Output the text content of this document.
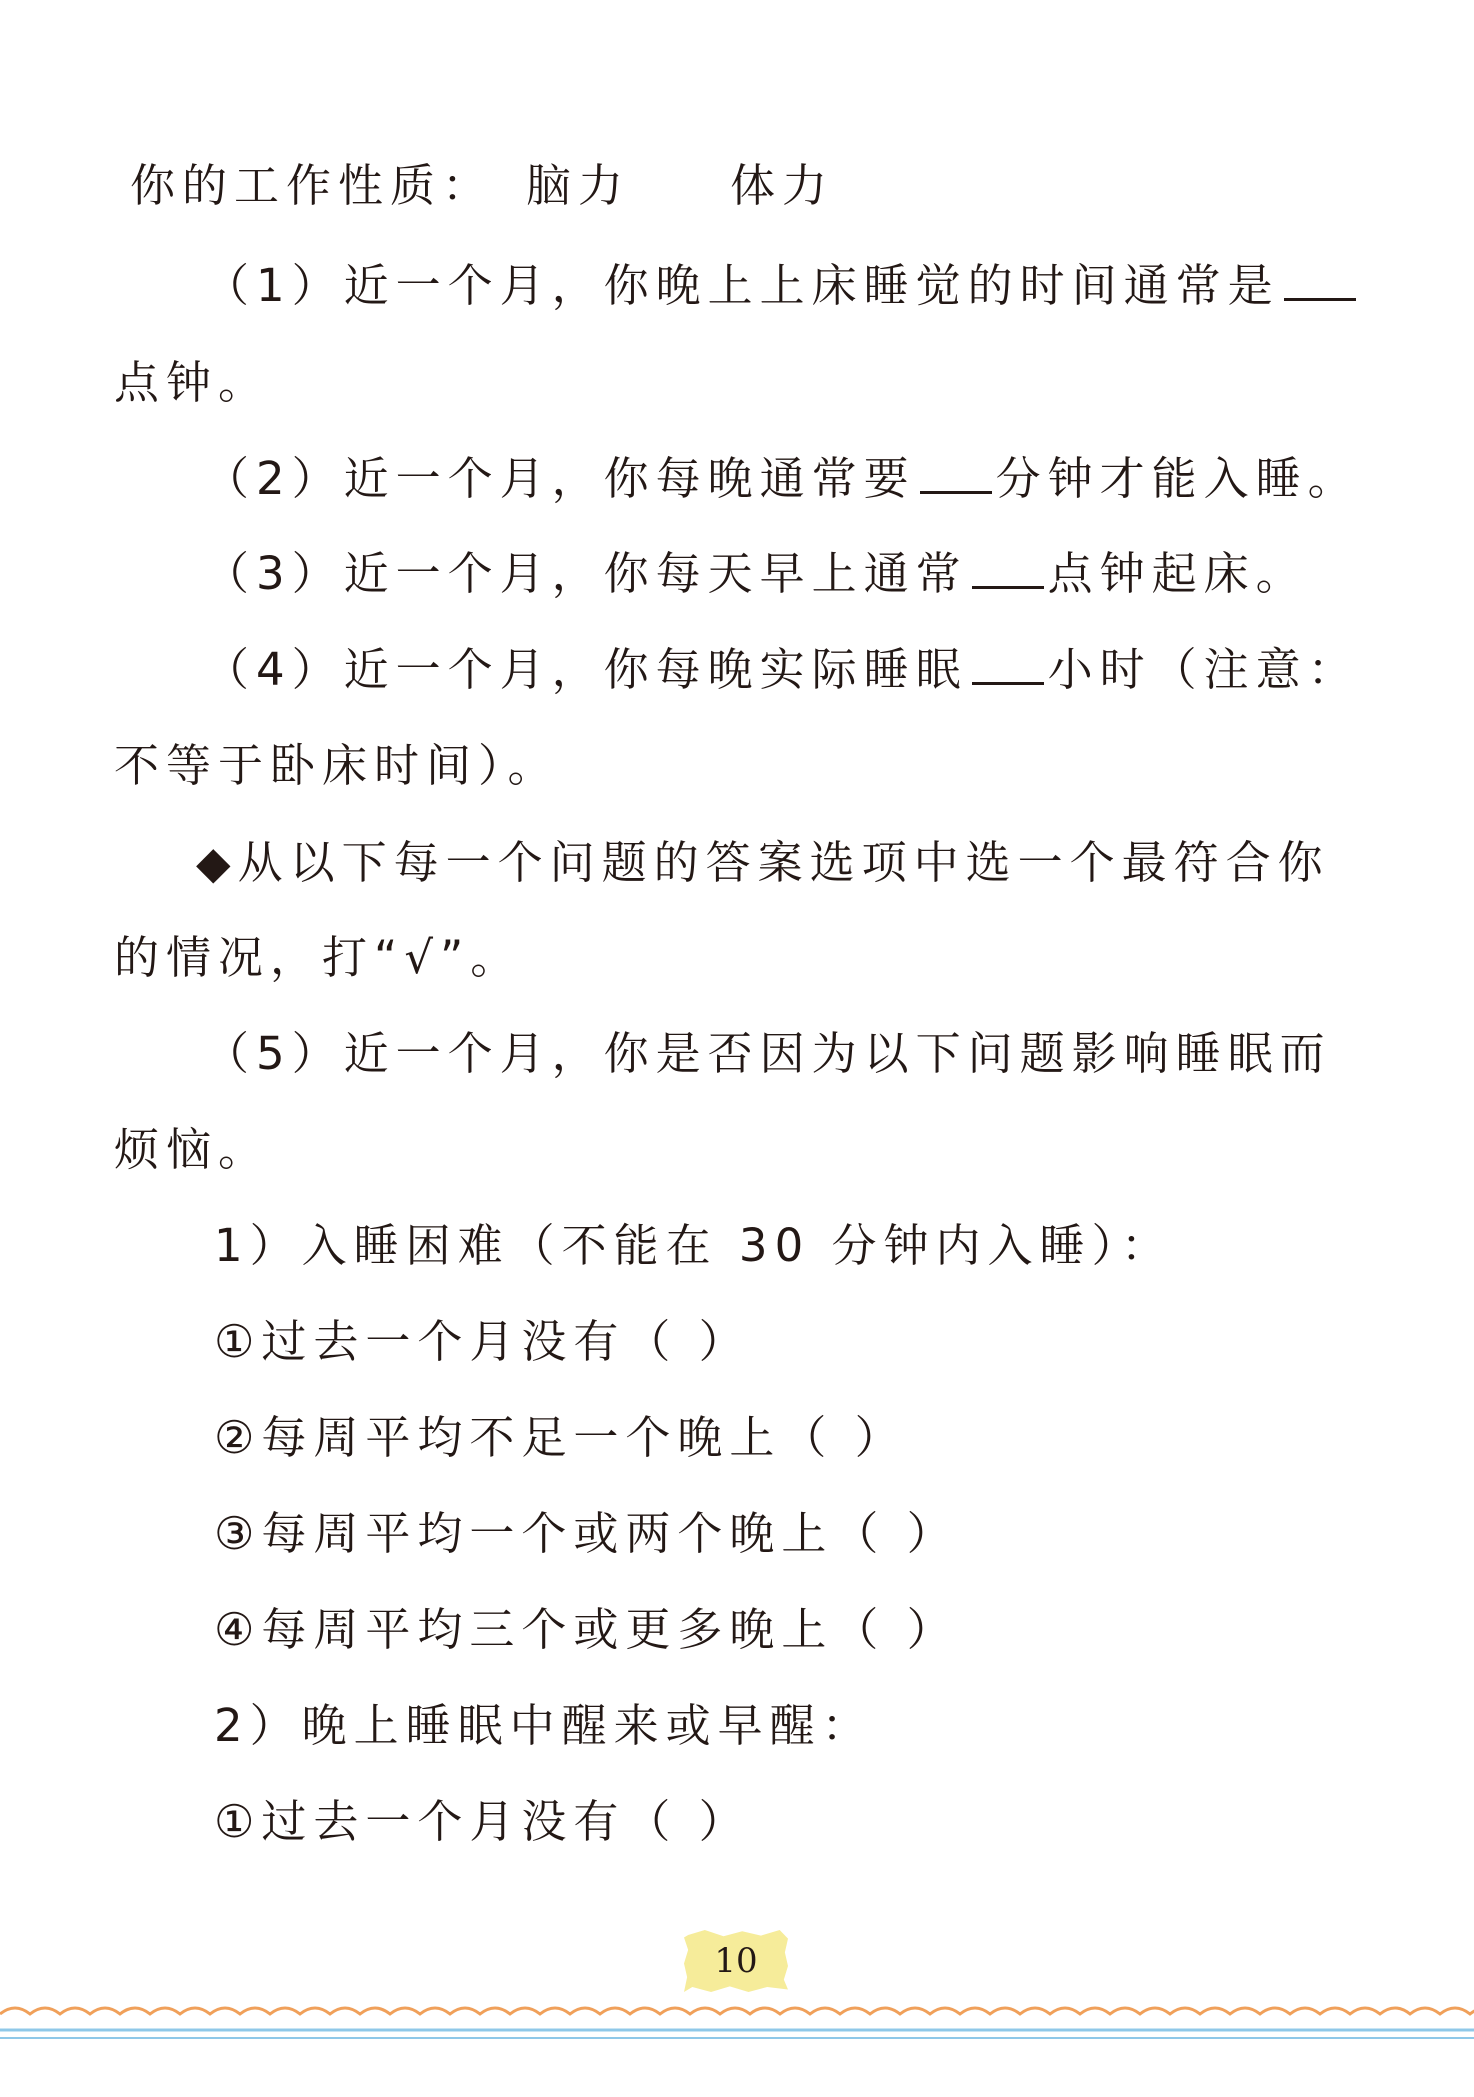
你的工作性质： 脑力 体力

（1）近一个月，你晚上上床睡觉的时间通常是

点钟。

（2）近一个月，你每晚通常要 分钟才能入睡。

（3）近一个月，你每天早上通常 点钟起床。

（4）近一个月，你每晚实际睡眠 小时（注意：

不等于卧床时间）。

◆从以下每一个问题的答案选项中选一个最符合你

的情况，打“√”。

（5）近一个月，你是否因为以下问题影响睡眠而

烦恼。

1）入睡困难（不能在 30 分钟内入睡）：

①过去一个月没有（ ）

②每周平均不足一个晚上（ ）

③每周平均一个或两个晚上（ ）

④每周平均三个或更多晚上（ ）

2）晚上睡眠中醒来或早醒：

①过去一个月没有（ ）

10
